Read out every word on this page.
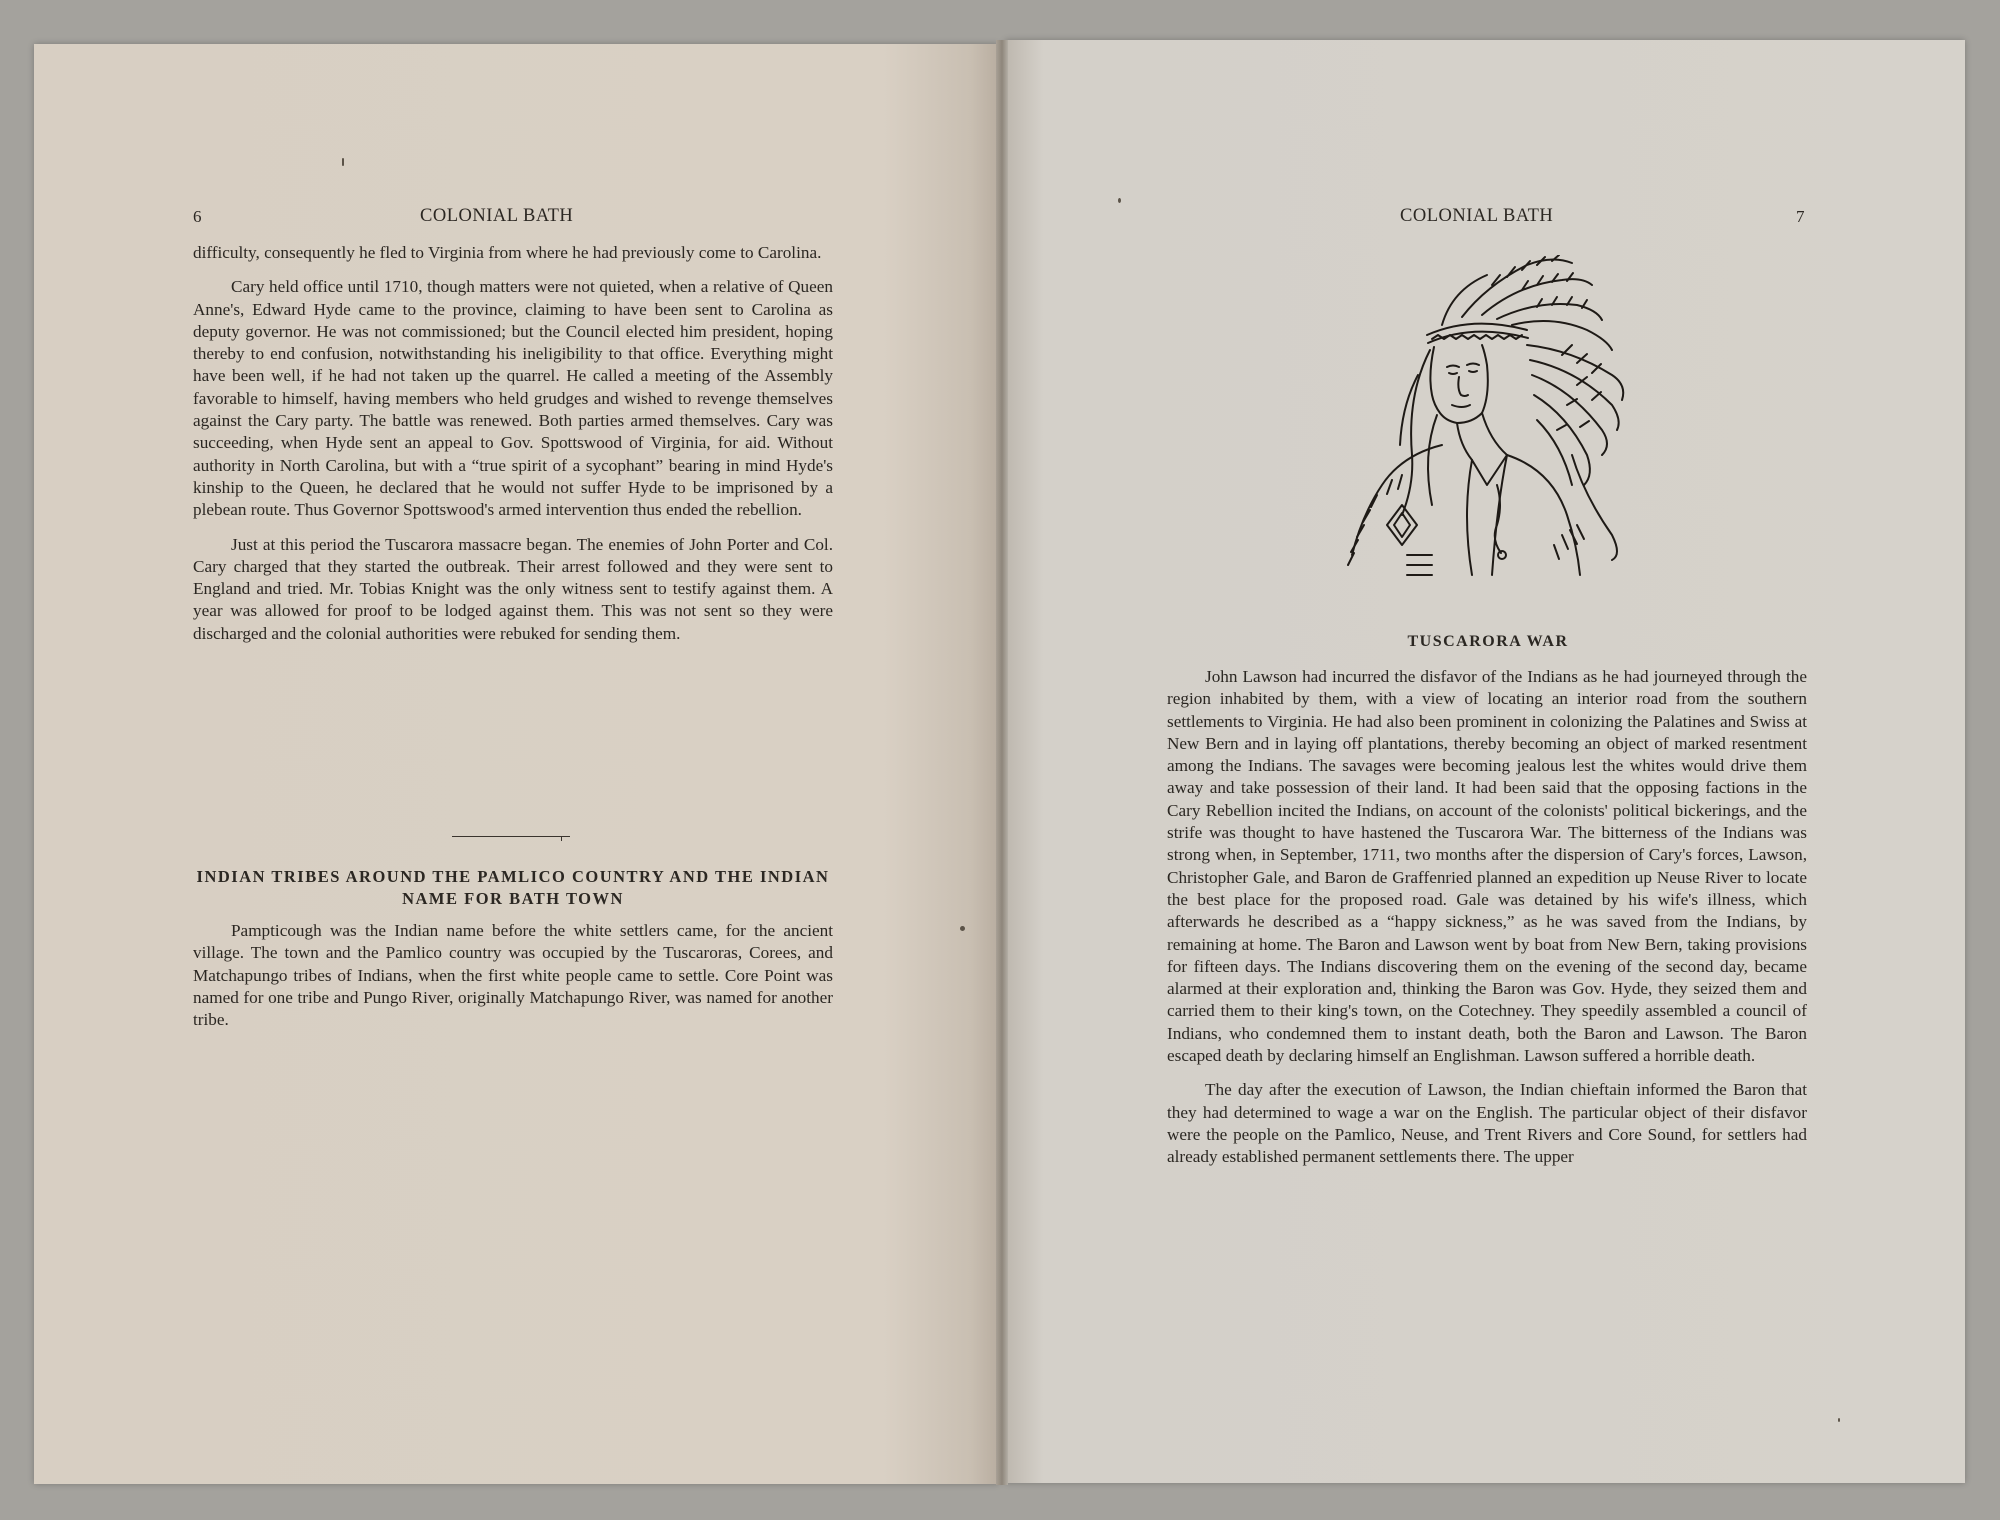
6	COLONIAL BATH

difficulty, consequently he fled to Virginia from where he had previously come to Carolina.

Cary held office until 1710, though matters were not quieted, when a relative of Queen Anne's, Edward Hyde came to the province, claiming to have been sent to Carolina as deputy governor. He was not commissioned; but the Council elected him president, hoping thereby to end confusion, notwithstanding his ineligibility to that office. Everything might have been well, if he had not taken up the quarrel. He called a meeting of the Assembly favorable to himself, having members who held grudges and wished to revenge themselves against the Cary party. The battle was renewed. Both parties armed themselves. Cary was succeeding, when Hyde sent an appeal to Gov. Spottswood of Virginia, for aid. Without authority in North Carolina, but with a “true spirit of a sycophant” bearing in mind Hyde's kinship to the Queen, he declared that he would not suffer Hyde to be imprisoned by a plebean route. Thus Governor Spottswood's armed intervention thus ended the rebellion.

Just at this period the Tuscarora massacre began. The enemies of John Porter and Col. Cary charged that they started the outbreak. Their arrest followed and they were sent to England and tried. Mr. Tobias Knight was the only witness sent to testify against them. A year was allowed for proof to be lodged against them. This was not sent so they were discharged and the colonial authorities were rebuked for sending them.

INDIAN TRIBES AROUND THE PAMLICO COUNTRY AND THE INDIAN NAME FOR BATH TOWN

Pampticough was the Indian name before the white settlers came, for the ancient village. The town and the Pamlico country was occupied by the Tuscaroras, Corees, and Matchapungo tribes of Indians, when the first white people came to settle. Core Point was named for one tribe and Pungo River, originally Matchapungo River, was named for another tribe.

COLONIAL BATH	7
TUSCARORA WAR

John Lawson had incurred the disfavor of the Indians as he had journeyed through the region inhabited by them, with a view of locating an interior road from the southern settlements to Virginia. He had also been prominent in colonizing the Palatines and Swiss at New Bern and in laying off plantations, thereby becoming an object of marked resentment among the Indians. The savages were becoming jealous lest the whites would drive them away and take possession of their land. It had been said that the opposing factions in the Cary Rebellion incited the Indians, on account of the colonists' political bickerings, and the strife was thought to have hastened the Tuscarora War. The bitterness of the Indians was strong when, in September, 1711, two months after the dispersion of Cary's forces, Lawson, Christopher Gale, and Baron de Graffenried planned an expedition up Neuse River to locate the best place for the proposed road. Gale was detained by his wife's illness, which afterwards he described as a “happy sickness,” as he was saved from the Indians, by remaining at home. The Baron and Lawson went by boat from New Bern, taking provisions for fifteen days. The Indians discovering them on the evening of the second day, became alarmed at their exploration and, thinking the Baron was Gov. Hyde, they seized them and carried them to their king's town, on the Cotechney. They speedily assembled a council of Indians, who condemned them to instant death, both the Baron and Lawson. The Baron escaped death by declaring himself an Englishman. Lawson suffered a horrible death.

The day after the execution of Lawson, the Indian chieftain informed the Baron that they had determined to wage a war on the English. The particular object of their disfavor were the people on the Pamlico, Neuse, and Trent Rivers and Core Sound, for settlers had already established permanent settlements there. The upper
